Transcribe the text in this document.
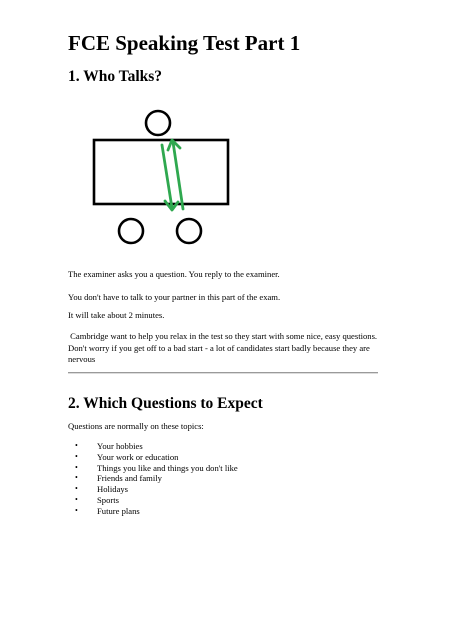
FCE Speaking Test Part 1
1. Who Talks?

The examiner asks you a question. You reply to the examiner.

You don't have to talk to your partner in this part of the exam.

It will take about 2 minutes.

Cambridge want to help you relax in the test so they start with some nice, easy questions. Don't worry if you get off to a bad start - a lot of candidates start badly because they are nervous

2. Which Questions to Expect

Questions are normally on these topics:

• Your hobbies
• Your work or education
• Things you like and things you don't like
• Friends and family
• Holidays
• Sports
• Future plans
